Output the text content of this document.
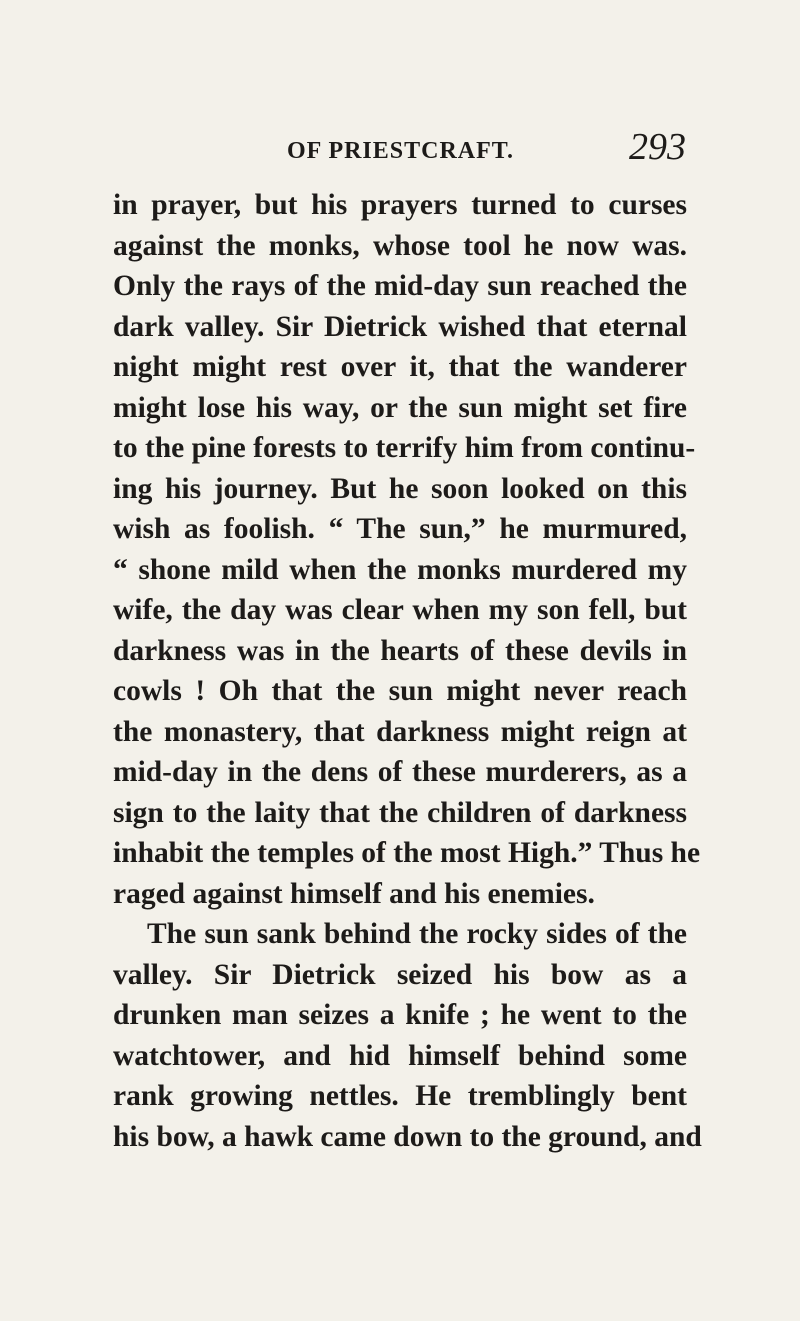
OF PRIESTCRAFT.	293
in prayer, but his prayers turned to curses
against the monks, whose tool he now was.
Only the rays of the mid-day sun reached the
dark valley. Sir Dietrick wished that eternal
night might rest over it, that the wanderer
might lose his way, or the sun might set fire
to the pine forests to terrify him from continu-
ing his journey. But he soon looked on this
wish as foolish. “ The sun,” he murmured,
“ shone mild when the monks murdered my
wife, the day was clear when my son fell, but
darkness was in the hearts of these devils in
cowls ! Oh that the sun might never reach
the monastery, that darkness might reign at
mid-day in the dens of these murderers, as a
sign to the laity that the children of darkness
inhabit the temples of the most High.” Thus he
raged against himself and his enemies.
The sun sank behind the rocky sides of the
valley. Sir Dietrick seized his bow as a
drunken man seizes a knife ; he went to the
watchtower, and hid himself behind some
rank growing nettles. He tremblingly bent
his bow, a hawk came down to the ground, and
